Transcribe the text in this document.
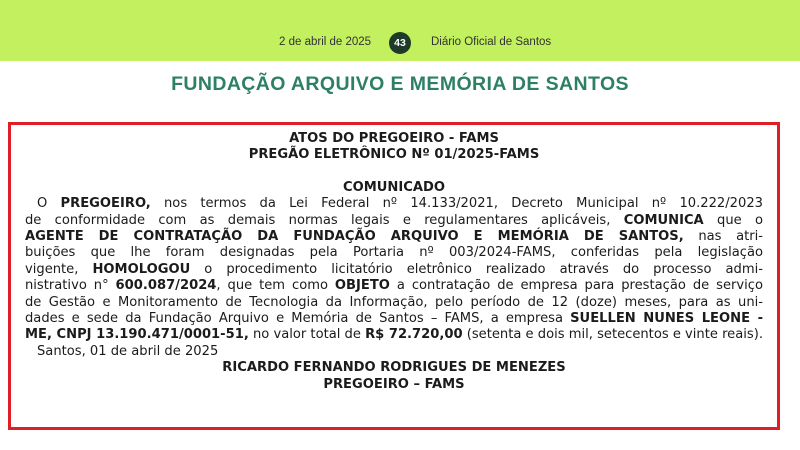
2 de abril de 2025	43	Diário Oficial de Santos
FUNDAÇÃO ARQUIVO E MEMÓRIA DE SANTOS
ATOS DO PREGOEIRO - FAMS
PREGÃO ELETRÔNICO Nº 01/2025-FAMS
COMUNICADO
O PREGOEIRO, nos termos da Lei Federal nº 14.133/2021, Decreto Municipal nº 10.222/2023
de conformidade com as demais normas legais e regulamentares aplicáveis, COMUNICA que o
AGENTE DE CONTRATAÇÃO DA FUNDAÇÃO ARQUIVO E MEMÓRIA DE SANTOS, nas atri-
buições que lhe foram designadas pela Portaria nº 003/2024-FAMS, conferidas pela legislação
vigente, HOMOLOGOU o procedimento licitatório eletrônico realizado através do processo admi-
nistrativo n° 600.087/2024, que tem como OBJETO a contratação de empresa para prestação de serviço
de Gestão e Monitoramento de Tecnologia da Informação, pelo período de 12 (doze) meses, para as uni-
dades e sede da Fundação Arquivo e Memória de Santos – FAMS, a empresa SUELLEN NUNES LEONE -
ME, CNPJ 13.190.471/0001-51, no valor total de R$ 72.720,00 (setenta e dois mil, setecentos e vinte reais).
Santos, 01 de abril de 2025
RICARDO FERNANDO RODRIGUES DE MENEZES
PREGOEIRO – FAMS
